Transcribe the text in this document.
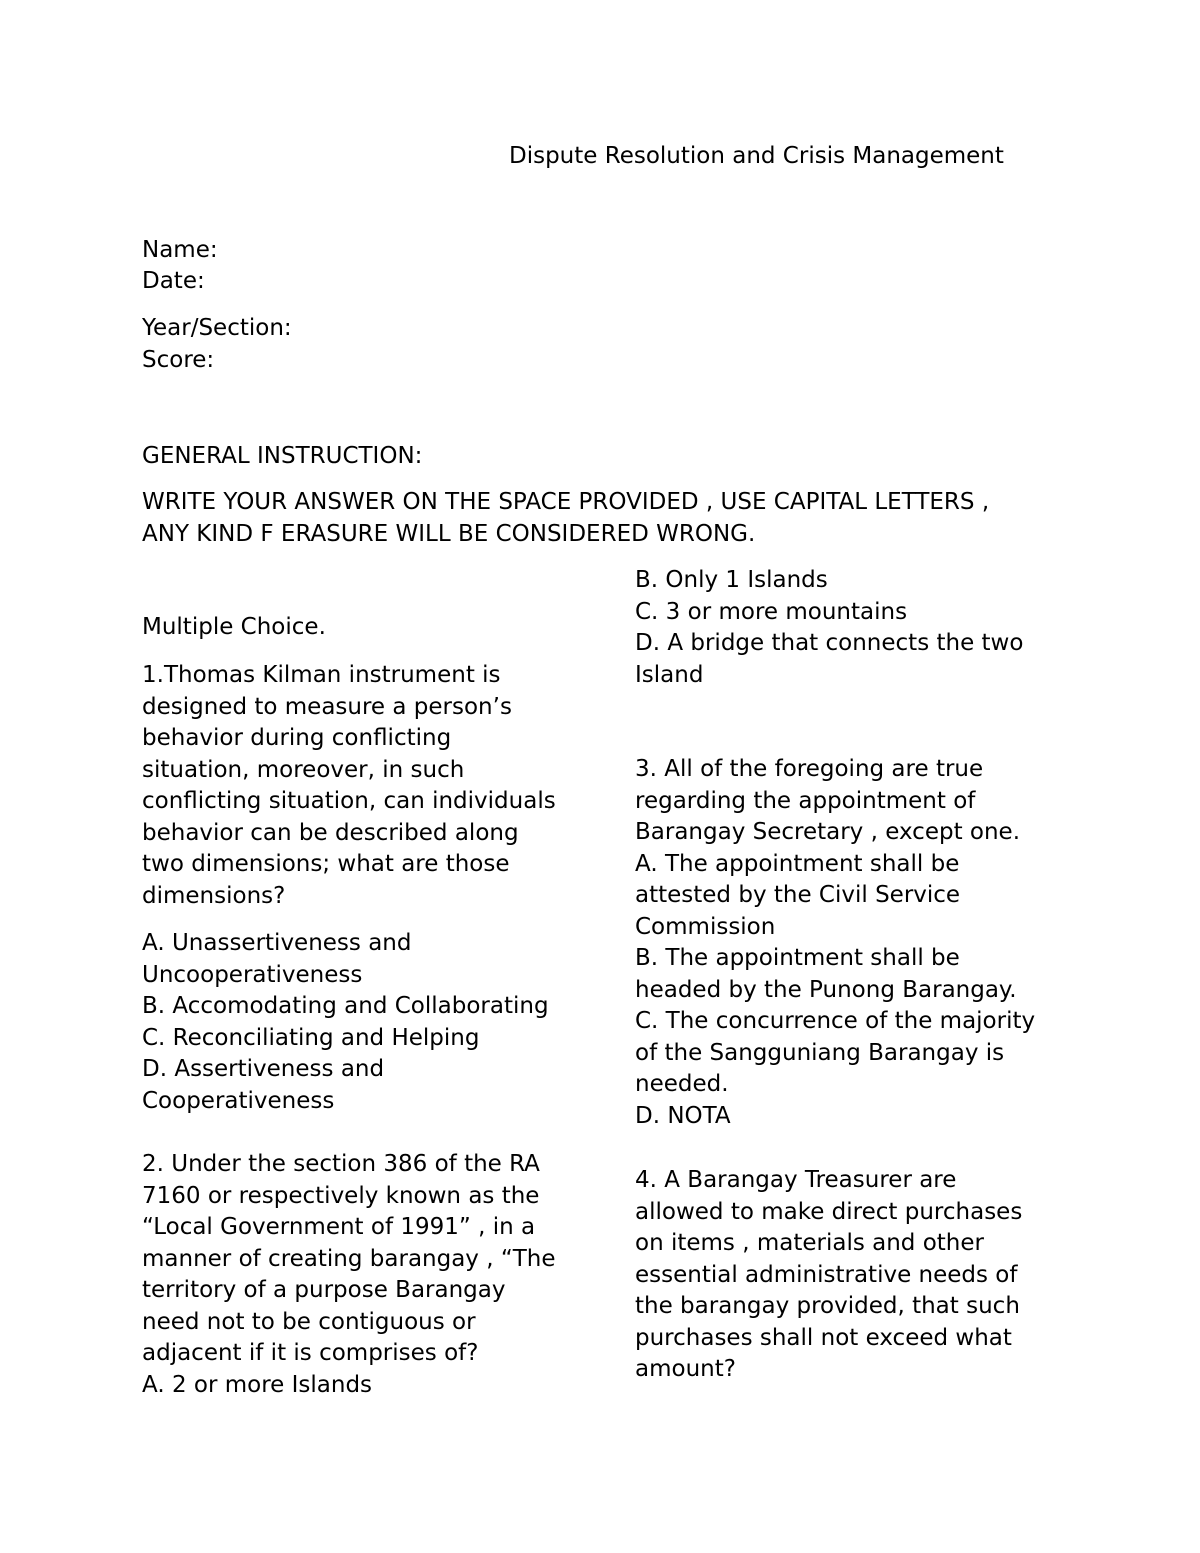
Dispute Resolution and Crisis Management
Name:
Date:
Year/Section:
Score:
GENERAL INSTRUCTION:
WRITE YOUR ANSWER ON THE SPACE PROVIDED , USE CAPITAL LETTERS ,
ANY KIND F ERASURE WILL BE CONSIDERED WRONG.
Multiple Choice.
1.Thomas Kilman instrument is
designed to measure a person’s
behavior during conflicting
situation, moreover, in such
conflicting situation, can individuals
behavior can be described along
two dimensions; what are those
dimensions?
A. Unassertiveness and
Uncooperativeness
B. Accomodating and Collaborating
C. Reconciliating and Helping
D. Assertiveness and
Cooperativeness
2. Under the section 386 of the RA
7160 or respectively known as the
“Local Government of 1991” , in a
manner of creating barangay , “The
territory of a purpose Barangay
need not to be contiguous or
adjacent if it is comprises of?
A. 2 or more Islands
B. Only 1 Islands
C. 3 or more mountains
D. A bridge that connects the two
Island
3. All of the foregoing are true
regarding the appointment of
Barangay Secretary , except one.
A. The appointment shall be
attested by the Civil Service
Commission
B. The appointment shall be
headed by the Punong Barangay.
C. The concurrence of the majority
of the Sangguniang Barangay is
needed.
D. NOTA
4. A Barangay Treasurer are
allowed to make direct purchases
on items , materials and other
essential administrative needs of
the barangay provided, that such
purchases shall not exceed what
amount?
